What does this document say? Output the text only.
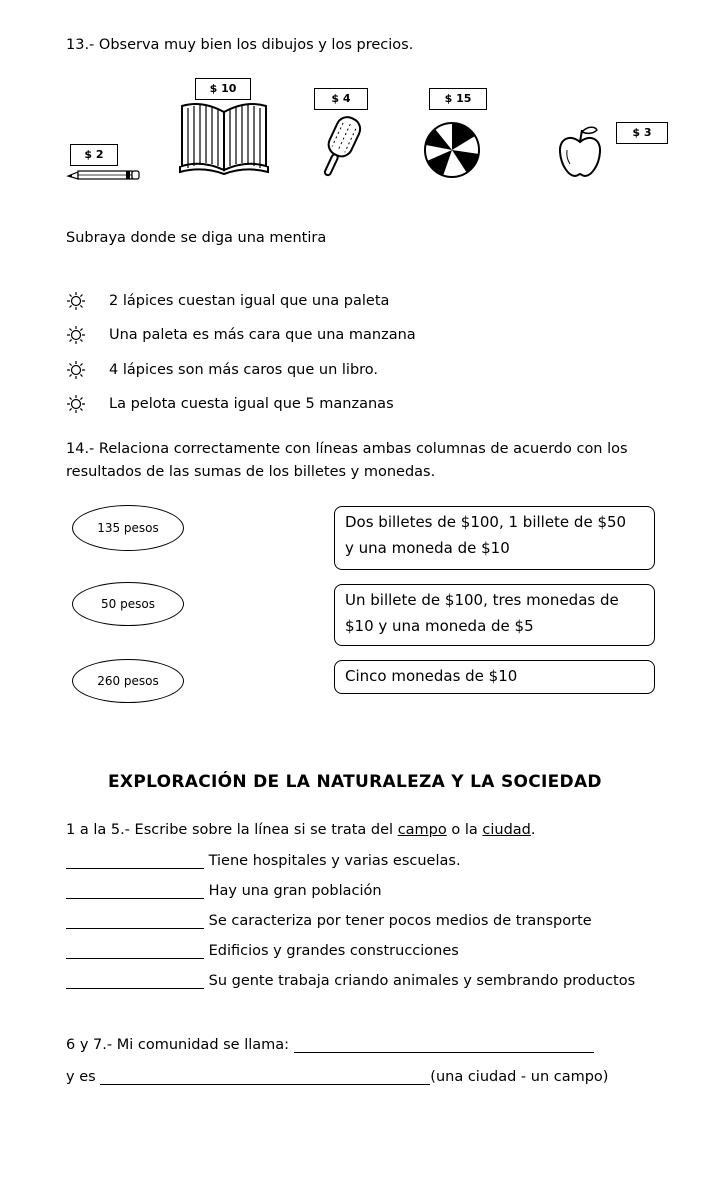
13.- Observa muy bien los dibujos y los precios.
$ 10
$ 4	$ 15
$ 3
$ 2
Subraya donde se diga una mentira
2 lápices cuestan igual que una paleta
Una paleta es más cara que una manzana
4 lápices son más caros que un libro.
La pelota cuesta igual que 5 manzanas
14.- Relaciona correctamente con líneas ambas columnas de acuerdo con los
resultados de las sumas de los billetes y monedas.
135 pesos
50 pesos
260 pesos
Dos billetes de $100, 1 billete de $50
y una moneda de $10
Un billete de $100, tres monedas de
$10 y una moneda de $5
Cinco monedas de $10
EXPLORACIÓN DE LA NATURALEZA Y LA SOCIEDAD
1 a la 5.- Escribe sobre la línea si se trata del campo o la ciudad.
Tiene hospitales y varias escuelas.
Hay una gran población
Se caracteriza por tener pocos medios de transporte
Edificios y grandes construcciones
Su gente trabaja criando animales y sembrando productos
6 y 7.- Mi comunidad se llama:
y es	(una ciudad - un campo)
